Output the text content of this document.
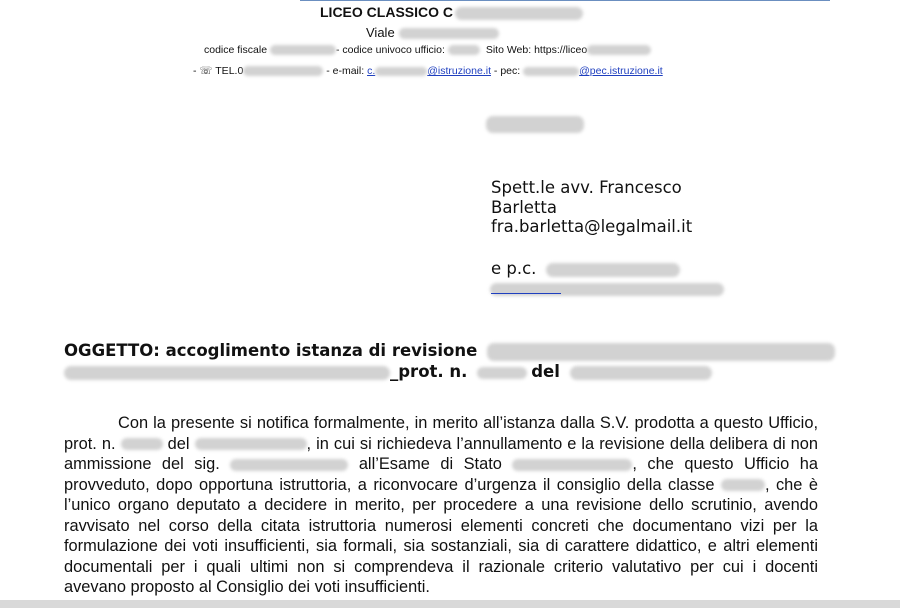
LICEO CLASSICO C
Viale
codice fiscale	- codice univoco ufficio:	Sito Web: https://liceo
- ☏ TEL.0	- e-mail: c.	@istruzione.it - pec:	@pec.istruzione.it
Spett.le avv. Francesco
Barletta
fra.barletta@legalmail.it
e p.c.
OGGETTO: accoglimento istanza di revisione
_prot. n.	del
Con la presente si notifica formalmente, in merito all’istanza dalla S.V. prodotta a questo Ufficio, prot. n.	del	, in cui si richiedeva l’annullamento e la revisione della delibera di non ammissione del sig.	all’Esame di Stato	, che questo Ufficio ha provveduto, dopo opportuna istruttoria, a riconvocare d’urgenza il consiglio della classe	, che è l’unico organo deputato a decidere in merito, per procedere a una revisione dello scrutinio, avendo ravvisato nel corso della citata istruttoria numerosi elementi concreti che documentano vizi per la formulazione dei voti insufficienti, sia formali, sia sostanziali, sia di carattere didattico, e altri elementi documentali per i quali ultimi non si comprendeva il razionale criterio valutativo per cui i docenti avevano proposto al Consiglio dei voti insufficienti.
